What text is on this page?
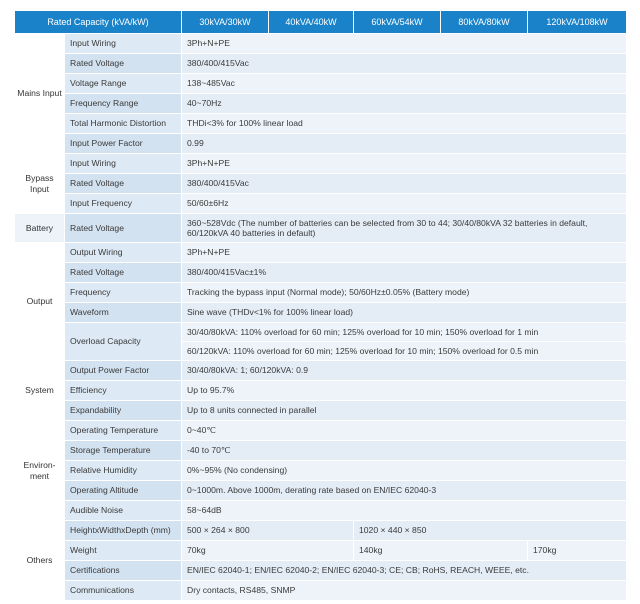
Rated Capacity (kVA/kW)		30kVA/30kW	40kVA/40kW	60kVA/54kW	80kVA/80kW	120kVA/108kW
Mains Input	Input Wiring	3Ph+N+PE				
	Rated Voltage	380/400/415Vac				
	Voltage Range	138~485Vac				
	Frequency Range	40~70Hz				
	Total Harmonic Distortion	THDi<3% for 100% linear load				
	Input Power Factor	0.99				
Bypass Input	Input Wiring	3Ph+N+PE				
	Rated Voltage	380/400/415Vac				
	Input Frequency	50/60±6Hz				
Battery	Rated Voltage	360~528Vdc (The number of batteries can be selected from 30 to 44; 30/40/80kVA 32 batteries in default, 60/120kVA 40 batteries in default)				
Output	Output Wiring	3Ph+N+PE				
	Rated Voltage	380/400/415Vac±1%				
	Frequency	Tracking the bypass input (Normal mode); 50/60Hz±0.05% (Battery mode)				
	Waveform	Sine wave (THDv<1% for 100% linear load)				
	Overload Capacity	30/40/80kVA: 110% overload for 60 min; 125% overload for 10 min; 150% overload for 1 min				
		60/120kVA: 110% overload for 60 min; 125% overload for 10 min; 150% overload for 0.5 min				
System	Output Power Factor	30/40/80kVA: 1; 60/120kVA: 0.9				
	Efficiency	Up to 95.7%				
	Expandability	Up to 8 units connected in parallel				
Environ-ment	Operating Temperature	0~40℃				
	Storage Temperature	-40 to 70℃				
	Relative Humidity	0%~95% (No condensing)				
	Operating Altitude	0~1000m. Above 1000m, derating rate based on EN/IEC 62040-3				
	Audible Noise	58~64dB				
Others	HeightxWidthxDepth (mm)	500 × 264 × 800		1020 × 440 × 850		
	Weight	70kg		140kg		170kg
	Certifications	EN/IEC 62040-1; EN/IEC 62040-2; EN/IEC 62040-3; CE; CB; RoHS, REACH, WEEE, etc.				
	Communications	Dry contacts, RS485, SNMP				
